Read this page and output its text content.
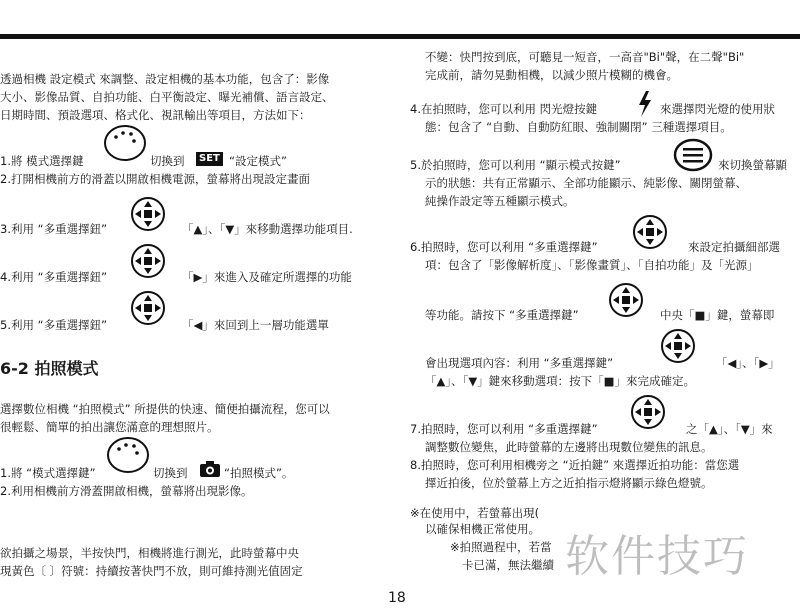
透過相機 設定模式 來調整、設定相機的基本功能，包含了：影像
大小、影像品質、自拍功能、白平衡設定、曝光補償、語言設定、
日期時間、預設選項、格式化、視訊輸出等項目，方法如下：
1.將 模式選擇鍵	切換到	SET “設定模式”
2.打開相機前方的滑蓋以開啟相機電源，螢幕將出現設定畫面
3.利用 “多重選擇鈕”	「▲」、「▼」來移動選擇功能項目.
4.利用 “多重選擇鈕”	「▶」來進入及確定所選擇的功能
5.利用 “多重選擇鈕”	「◀」來回到上一層功能選單
6-2 拍照模式
選擇數位相機 “拍照模式” 所提供的快速、簡便拍攝流程，您可以
很輕鬆、簡單的拍出讓您滿意的理想照片。
1.將 “模式選擇鍵”	切換到	“拍照模式”。
2.利用相機前方滑蓋開啟相機，螢幕將出現影像。
欲拍攝之場景，半按快門，相機將進行測光，此時螢幕中央
現黃色〔 〕符號：持續按著快門不放，則可維持測光值固定
不變：快門按到底，可聽見一短音，一高音"Bi"聲，在二聲"Bi"
完成前，請勿晃動相機，以減少照片模糊的機會。
4.在拍照時，您可以利用 閃光燈按鍵	來選擇閃光燈的使用狀
態：包含了 “自動、自動防紅眼、強制關閉” 三種選擇項目。
5.於拍照時，您可以利用 “顯示模式按鍵”	來切換螢幕顯
示的狀態：共有正常顯示、全部功能顯示、純影像、關閉螢幕、
純操作設定等五種顯示模式。
6.拍照時，您可以利用 “多重選擇鍵”	來設定拍攝細部選
項：包含了「影像解析度」、「影像畫質」、「自拍功能」及「光源」
等功能。請按下 “多重選擇鍵”	中央「■」鍵，螢幕即
會出現選項內容：利用 “多重選擇鍵”	「◀」、「▶」
「▲」、「▼」鍵來移動選項：按下「■」來完成確定。
7.拍照時，您可以利用 “多重選擇鍵”	之「▲」、「▼」來
調整數位變焦，此時螢幕的左邊將出現數位變焦的訊息。
8.拍照時，您可利用相機旁之 “近拍鍵” 來選擇近拍功能：當您選
擇近拍後，位於螢幕上方之近拍指示燈將顯示綠色燈號。
※在使用中，若螢幕出現(
以確保相機正常使用。
※拍照過程中，若當
卡已滿，無法繼續 软件技巧
18
